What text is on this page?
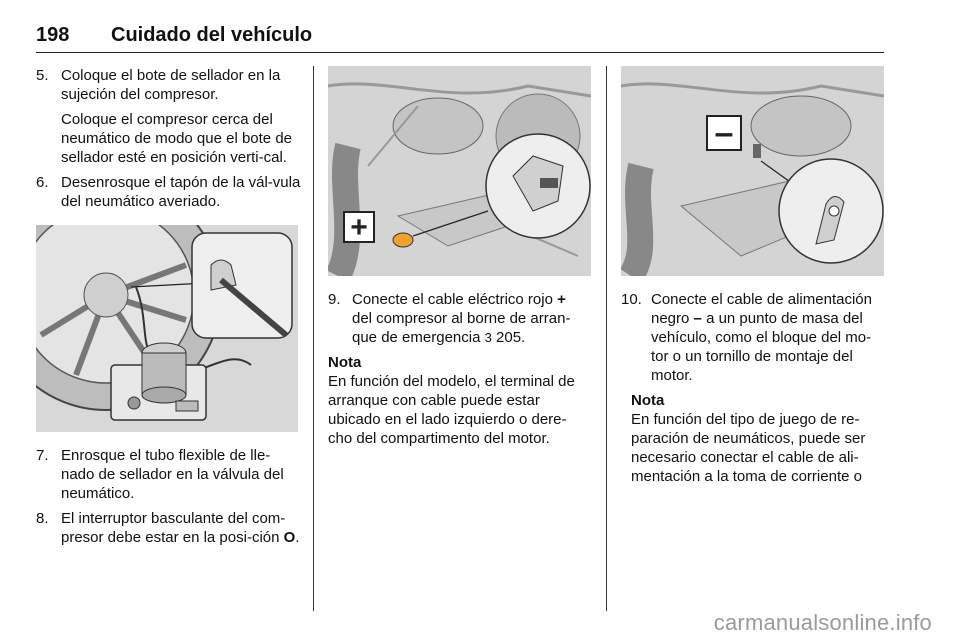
198 Cuidado del vehículo
5. Coloque el bote de sellador en la sujeción del compresor.
Coloque el compresor cerca del neumático de modo que el bote de sellador esté en posición verti-cal.
6. Desenrosque el tapón de la vál-vula del neumático averiado.
7. Enrosque el tubo flexible de lle-nado de sellador en la válvula del neumático.
8. El interruptor basculante del com-presor debe estar en la posi-ción O.
+
9. Conecte el cable eléctrico rojo + del compresor al borne de arran-que de emergencia 3 205.
Nota
En función del modelo, el terminal de arranque con cable puede estar ubicado en el lado izquierdo o dere-cho del compartimento del motor.
–
10. Conecte el cable de alimentación negro – a un punto de masa del vehículo, como el bloque del mo-tor o un tornillo de montaje del motor.
Nota
En función del tipo de juego de re-paración de neumáticos, puede ser necesario conectar el cable de ali-mentación a la toma de corriente o
carmanualsonline.info
